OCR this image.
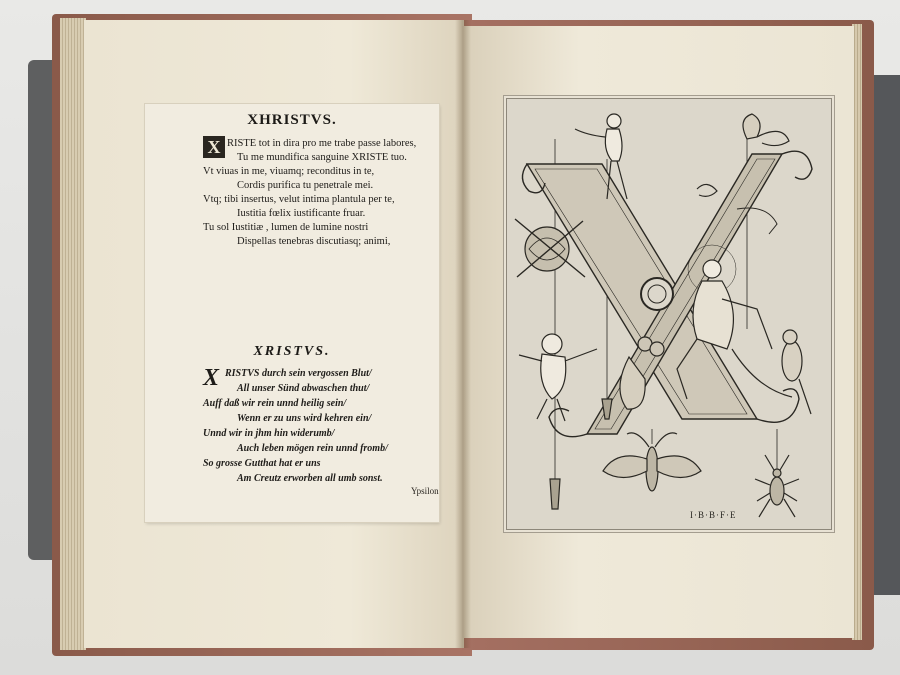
XHRISTVS.
X RISTE tot in dira pro me trabe passe labores,
Tu me mundifica sanguine XRISTE tuo.
Vt viuas in me, viuamq; reconditus in te,
Cordis purifica tu penetrale mei.
Vtq; tibi insertus, velut intima plantula per te,
Iustitia fœlix iustificante fruar.
Tu sol Iustitiæ , lumen de lumine nostri
Dispellas tenebras discutiasq; animi,
XRISTVS.
X RISTVS durch sein vergossen Blut/
All unser Sünd abwaschen thut/
Auff daß wir rein unnd heilig sein/
Wenn er zu uns wird kehren ein/
Unnd wir in jhm hin widerumb/
Auch leben mögen rein unnd fromb/
So grosse Gutthat hat er uns
Am Creutz erworben all umb sonst.
Ypsilon
I·B·B·F·E
